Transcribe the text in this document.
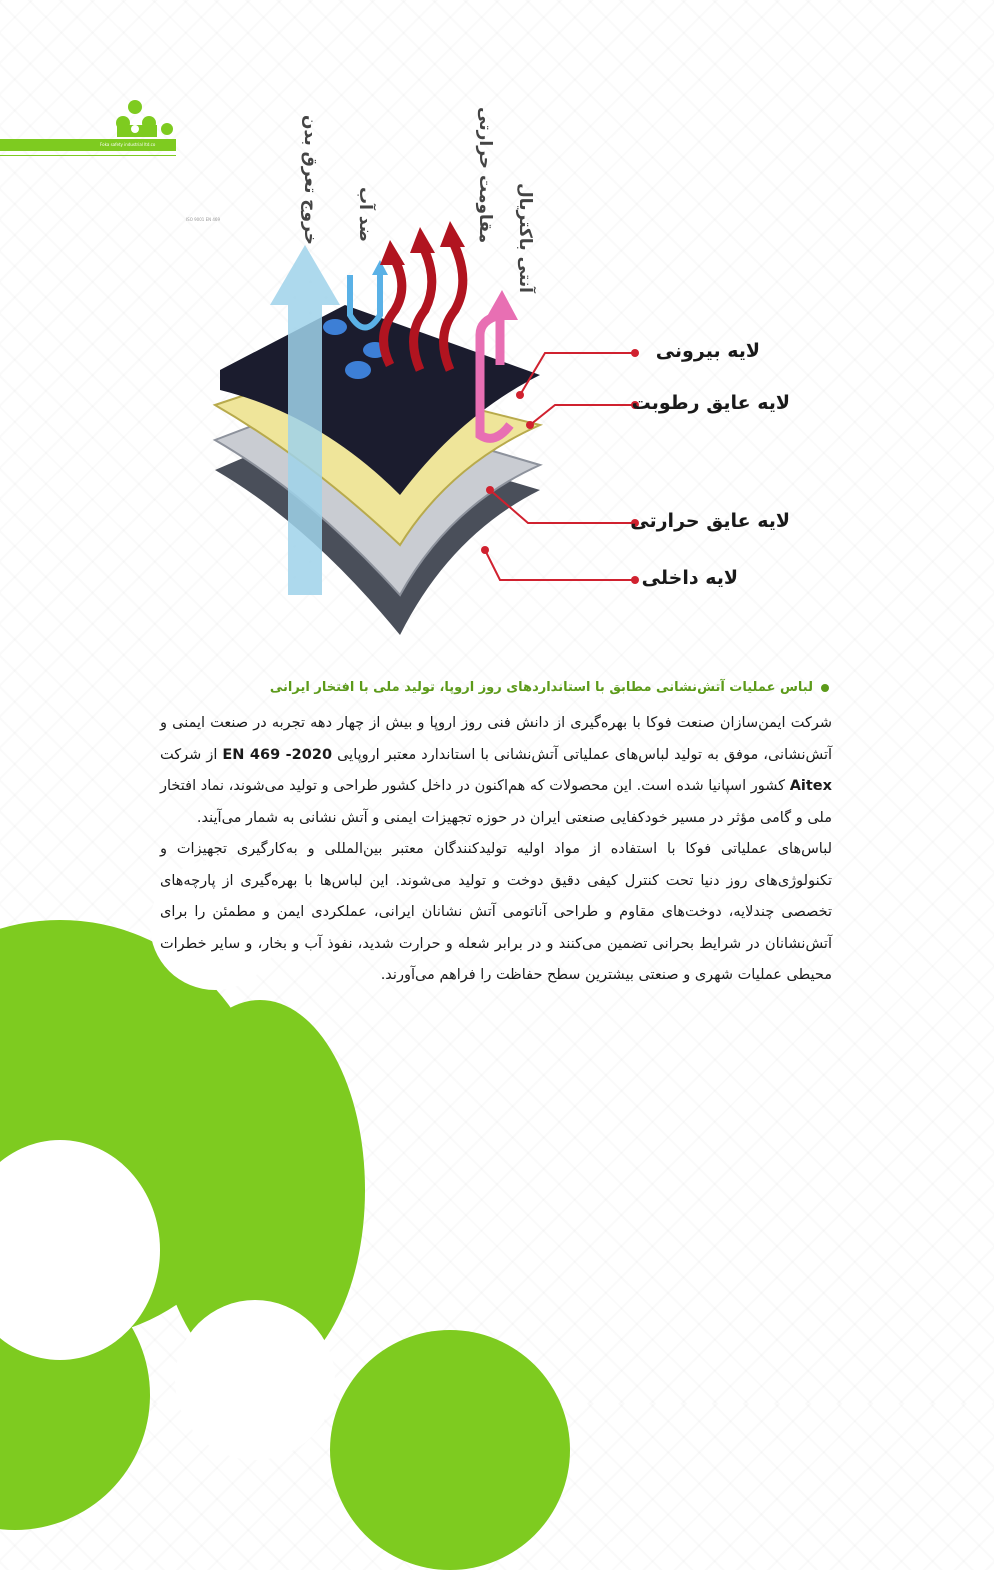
Foka safety industrial ltd.co
ISO 9001 EN 469
لایه بیرونی
لایه عایق رطوبت
لایه عایق حرارتی
لایه داخلی
خروج تعرق بدن ضد آب	مقاومت حرارتی آنتی باکتریال
لباس عملیات آتش‌نشانی مطابق با استانداردهای روز اروپا، تولید ملی با افتخار ایرانی

شرکت ایمن‌سازان صنعت فوکا با بهره‌گیری از دانش فنی روز اروپا و بیش از چهار دهه تجربه در صنعت ایمنی و آتش‌نشانی، موفق به تولید لباس‌های عملیاتی آتش‌نشانی با استاندارد معتبر اروپایی EN 469 -2020 از شرکت Aitex کشور اسپانیا شده است. این محصولات که هم‌اکنون در داخل کشور طراحی و تولید می‌شوند، نماد افتخار ملی و گامی مؤثر در مسیر خودکفایی صنعتی ایران در حوزه تجهیزات ایمنی و آتش نشانی به شمار می‌آیند.

لباس‌های عملیاتی فوکا با استفاده از مواد اولیه تولیدکنندگان معتبر بین‌المللی و به‌کارگیری تجهیزات و تکنولوژی‌های روز دنیا تحت کنترل کیفی دقیق دوخت و تولید می‌شوند. این لباس‌ها با بهره‌گیری از پارچه‌های تخصصی چندلایه، دوخت‌های مقاوم و طراحی آناتومی آتش نشانان ایرانی، عملکردی ایمن و مطمئن را برای آتش‌نشانان در شرایط بحرانی تضمین می‌کنند و در برابر شعله و حرارت شدید، نفوذ آب و بخار، و سایر خطرات محیطی عملیات شهری و صنعتی بیشترین سطح حفاظت را فراهم می‌آورند.
